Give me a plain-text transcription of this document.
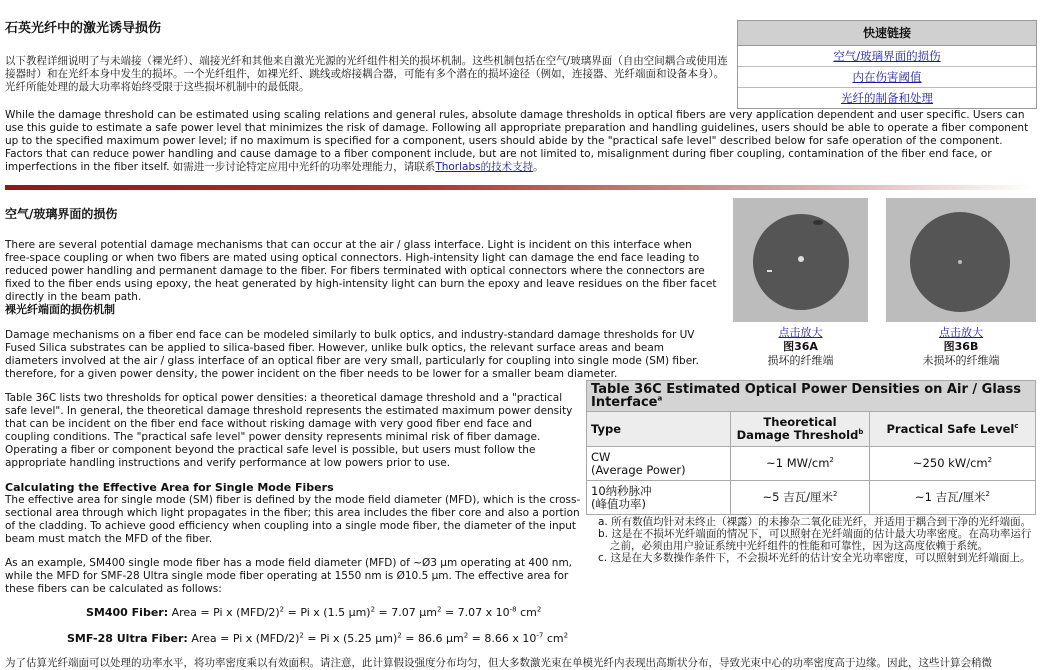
石英光纤中的激光诱导损伤

以下教程详细说明了与未端接（裸光纤）、端接光纤和其他来自激光光源的光纤组件相关的损坏机制。这些机制包括在空气/玻璃界面（自由空间耦合或使用连接器时）和在光纤本身中发生的损坏。一个光纤组件，如裸光纤、跳线或熔接耦合器，可能有多个潜在的损坏途径（例如，连接器、光纤端面和设备本身）。光纤所能处理的最大功率将始终受限于这些损坏机制中的最低限。

While the damage threshold can be estimated using scaling relations and general rules, absolute damage thresholds in optical fibers are very application dependent and user specific. Users can use this guide to estimate a safe power level that minimizes the risk of damage. Following all appropriate preparation and handling guidelines, users should be able to operate a fiber component up to the specified maximum power level; if no maximum is specified for a component, users should abide by the "practical safe level" described below for safe operation of the component. Factors that can reduce power handling and cause damage to a fiber component include, but are not limited to, misalignment during fiber coupling, contamination of the fiber end face, or imperfections in the fiber itself. 如需进一步讨论特定应用中光纤的功率处理能力，请联系Thorlabs的技术支持。

快速链接
空气/玻璃界面的损伤
内在伤害阈值
光纤的制备和处理
空气/玻璃界面的损伤

There are several potential damage mechanisms that can occur at the air / glass interface. Light is incident on this interface when free-space coupling or when two fibers are mated using optical connectors. High-intensity light can damage the end face leading to reduced power handling and permanent damage to the fiber. For fibers terminated with optical connectors where the connectors are fixed to the fiber ends using epoxy, the heat generated by high-intensity light can burn the epoxy and leave residues on the fiber facet directly in the beam path.

裸光纤端面的损伤机制

Damage mechanisms on a fiber end face can be modeled similarly to bulk optics, and industry-standard damage thresholds for UV Fused Silica substrates can be applied to silica-based fiber. However, unlike bulk optics, the relevant surface areas and beam diameters involved at the air / glass interface of an optical fiber are very small, particularly for coupling into single mode (SM) fiber. therefore, for a given power density, the power incident on the fiber needs to be lower for a smaller beam diameter.

Table 36C lists two thresholds for optical power densities: a theoretical damage threshold and a "practical safe level". In general, the theoretical damage threshold represents the estimated maximum power density that can be incident on the fiber end face without risking damage with very good fiber end face and coupling conditions. The "practical safe level" power density represents minimal risk of fiber damage. Operating a fiber or component beyond the practical safe level is possible, but users must follow the appropriate handling instructions and verify performance at low powers prior to use.

Calculating the Effective Area for Single Mode Fibers

The effective area for single mode (SM) fiber is defined by the mode field diameter (MFD), which is the cross-sectional area through which light propagates in the fiber; this area includes the fiber core and also a portion of the cladding. To achieve good efficiency when coupling into a single mode fiber, the diameter of the input beam must match the MFD of the fiber.

As an example, SM400 single mode fiber has a mode field diameter (MFD) of ~Ø3 µm operating at 400 nm, while the MFD for SMF-28 Ultra single mode fiber operating at 1550 nm is Ø10.5 µm. The effective area for these fibers can be calculated as follows:

SM400 Fiber: Area = Pi x $(MFD/2)^2 = Pi$ x (1.5 µm)$^2$ = 7.07 µm$^2$ = 7.07 x $10^{-8}$ $cm^2$
SMF-28 Ultra Fiber: Area = Pi x $(MFD/2)^2 = Pi$ x (5.25 µm)$^2$ = 86.6 µm$^2$ = 8.66 x $10^{-7}$ $cm^2$

为了估算光纤端面可以处理的功率水平，将功率密度乘以有效面积。请注意，此计算假设强度分布均匀，但大多数激光束在单模光纤内表现出高斯状分布，导致光束中心的功率密度高于边缘。因此，这些计算会稍微

点击放大
图36A
损坏的纤维端
点击放大
图36B
未损坏的纤维端
Table 36C Estimated Optical Power Densities on Air / Glass Interface$^a$
Type	Theoretical Damage Threshold$^b$	Practical Safe Level$^c$
CW
(Average Power)	~1 $MW/cm^2$	~250 $kW/cm^2$
10纳秒脉冲
(峰值功率)	~5 吉瓦/厘米$^2$	~1 吉瓦/厘米$^2$
a. 所有数值均针对未终止（裸露）的未掺杂二氧化硅光纤，并适用于耦合到干净的光纤端面。
b. 这是在不损坏光纤端面的情况下，可以照射在光纤端面的估计最大功率密度。在高功率运行之前，必须由用户验证系统中光纤组件的性能和可靠性，因为这高度依赖于系统。
c. 这是在大多数操作条件下，不会损坏光纤的估计安全光功率密度，可以照射到光纤端面上。
